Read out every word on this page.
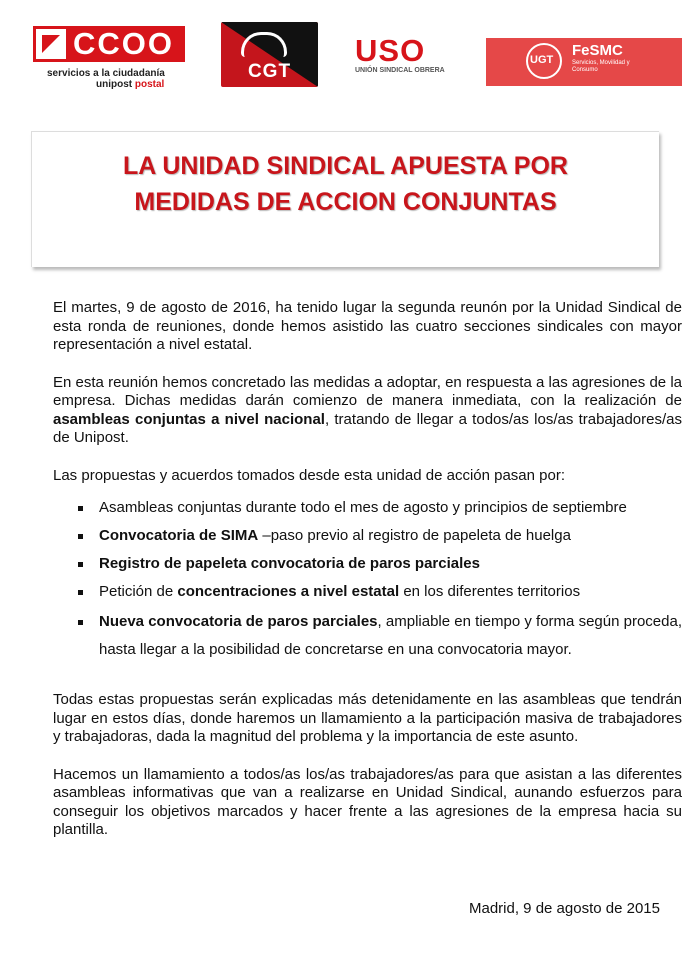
CCOO
servicios a la ciudadanía
unipost postal
CGT
USO
UNIÓN SINDICAL OBRERA
UGT
FeSMC
Servicios, Movilidad y Consumo
LA UNIDAD SINDICAL APUESTA POR
MEDIDAS DE ACCION CONJUNTAS

El martes, 9 de agosto de 2016, ha tenido lugar la segunda reunón por la Unidad Sindical de esta ronda de reuniones, donde hemos asistido las cuatro secciones sindicales con mayor representación a nivel estatal.

En esta reunión hemos concretado las medidas a adoptar, en respuesta a las agresiones de la empresa. Dichas medidas darán comienzo de manera inmediata, con la realización de asambleas conjuntas a nivel nacional, tratando de llegar a todos/as los/as trabajadores/as de Unipost.

Las propuestas y acuerdos tomados desde esta unidad de acción pasan por:

Asambleas conjuntas durante todo el mes de agosto y principios de septiembre
Convocatoria de SIMA –paso previo al registro de papeleta de huelga
Registro de papeleta convocatoria de paros parciales
Petición de concentraciones a nivel estatal en los diferentes territorios
Nueva convocatoria de paros parciales, ampliable en tiempo y forma según proceda, hasta llegar a la posibilidad de concretarse en una convocatoria mayor.

Todas estas propuestas serán explicadas más detenidamente en las asambleas que tendrán lugar en estos días, donde haremos un llamamiento a la participación masiva de trabajadores y trabajadoras, dada la magnitud del problema y la importancia de este asunto.

Hacemos un llamamiento a todos/as los/as trabajadores/as para que asistan a las diferentes asambleas informativas que van a realizarse en Unidad Sindical, aunando esfuerzos para conseguir los objetivos marcados y hacer frente a las agresiones de la empresa hacia su plantilla.

Madrid, 9 de agosto de 2015
